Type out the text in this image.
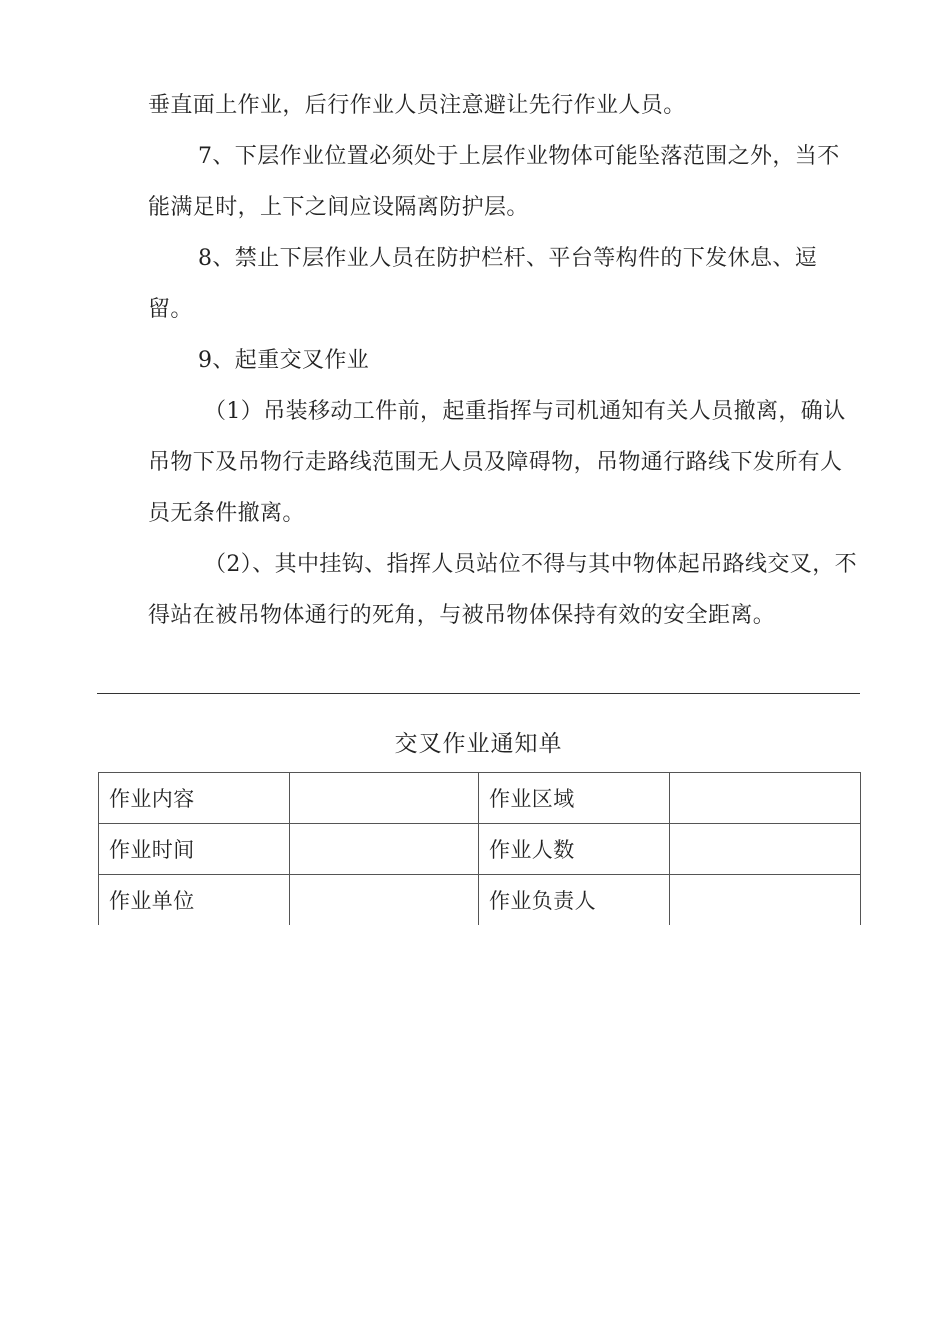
垂直面上作业，后行作业人员注意避让先行作业人员。

7、下层作业位置必须处于上层作业物体可能坠落范围之外，当不能满足时，上下之间应设隔离防护层。

8、禁止下层作业人员在防护栏杆、平台等构件的下发休息、逗留。

9、起重交叉作业

（1）吊装移动工件前，起重指挥与司机通知有关人员撤离，确认吊物下及吊物行走路线范围无人员及障碍物，吊物通行路线下发所有人员无条件撤离。

（2）、其中挂钩、指挥人员站位不得与其中物体起吊路线交叉，不得站在被吊物体通行的死角，与被吊物体保持有效的安全距离。

交叉作业通知单
作业内容		作业区域	
作业时间		作业人数	
作业单位		作业负责人	
